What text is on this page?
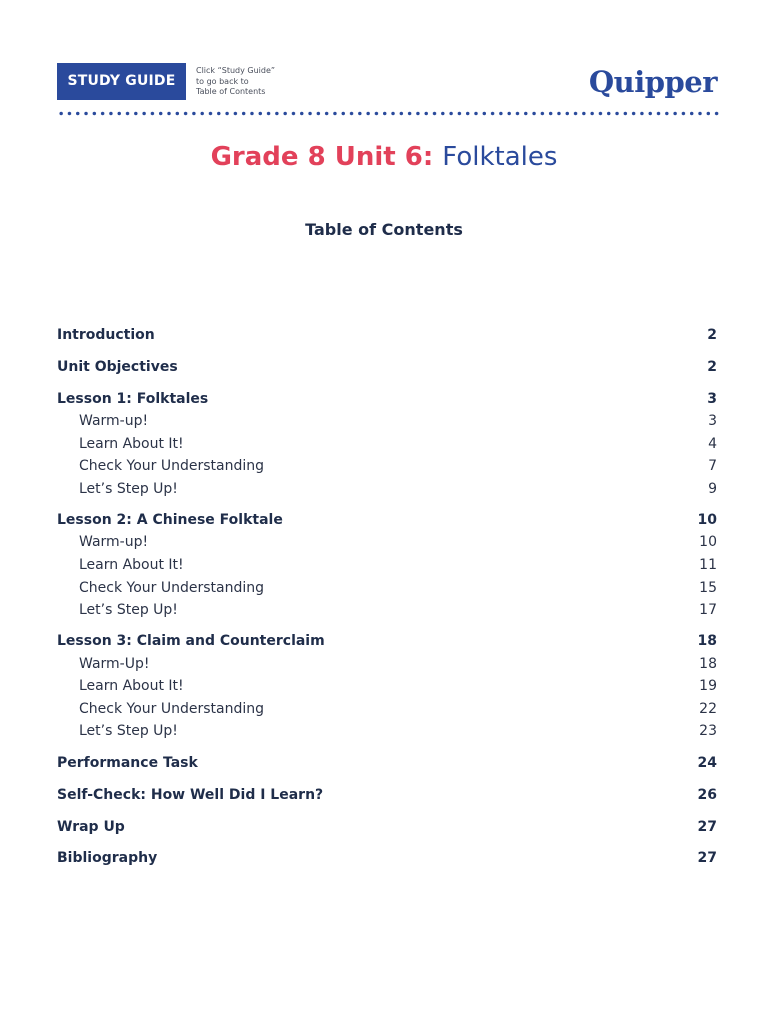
STUDY GUIDE
Click “Study Guide”
to go back to
Table of Contents	Quipper
Grade 8 Unit 6: Folktales
Table of Contents
Introduction	2
Unit Objectives	2
Lesson 1: Folktales	3
Warm-up!	3
Learn About It!	4
Check Your Understanding	7
Let’s Step Up!	9
Lesson 2: A Chinese Folktale	10
Warm-up!	10
Learn About It!	11
Check Your Understanding	15
Let’s Step Up!	17
Lesson 3: Claim and Counterclaim	18
Warm-Up!	18
Learn About It!	19
Check Your Understanding	22
Let’s Step Up!	23
Performance Task	24
Self-Check: How Well Did I Learn?	26
Wrap Up	27
Bibliography	27
